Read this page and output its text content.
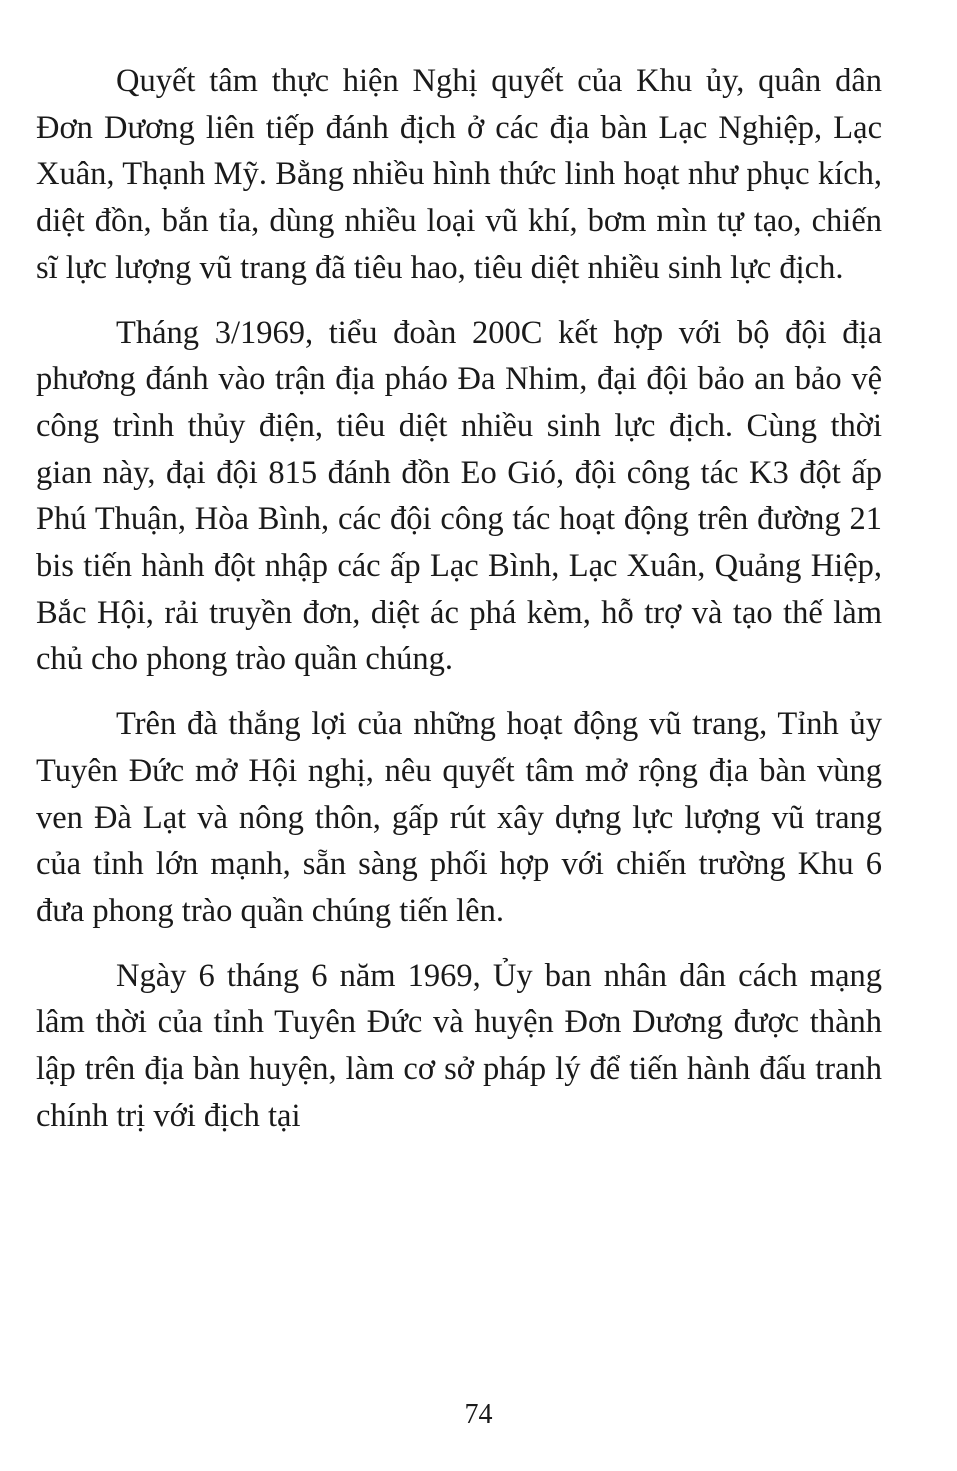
Quyết tâm thực hiện Nghị quyết của Khu ủy, quân dân Đơn Dương liên tiếp đánh địch ở các địa bàn Lạc Nghiệp, Lạc Xuân, Thạnh Mỹ. Bằng nhiều hình thức linh hoạt như phục kích, diệt đồn, bắn tỉa, dùng nhiều loại vũ khí, bơm mìn tự tạo, chiến sĩ lực lượng vũ trang đã tiêu hao, tiêu diệt nhiều sinh lực địch.

Tháng 3/1969, tiểu đoàn 200C kết hợp với bộ đội địa phương đánh vào trận địa pháo Đa Nhim, đại đội bảo an bảo vệ công trình thủy điện, tiêu diệt nhiều sinh lực địch. Cùng thời gian này, đại đội 815 đánh đồn Eo Gió, đội công tác K3 đột ấp Phú Thuận, Hòa Bình, các đội công tác hoạt động trên đường 21 bis tiến hành đột nhập các ấp Lạc Bình, Lạc Xuân, Quảng Hiệp, Bắc Hội, rải truyền đơn, diệt ác phá kèm, hỗ trợ và tạo thế làm chủ cho phong trào quần chúng.

Trên đà thắng lợi của những hoạt động vũ trang, Tỉnh ủy Tuyên Đức mở Hội nghị, nêu quyết tâm mở rộng địa bàn vùng ven Đà Lạt và nông thôn, gấp rút xây dựng lực lượng vũ trang của tỉnh lớn mạnh, sẵn sàng phối hợp với chiến trường Khu 6 đưa phong trào quần chúng tiến lên.

Ngày 6 tháng 6 năm 1969, Ủy ban nhân dân cách mạng lâm thời của tỉnh Tuyên Đức và huyện Đơn Dương được thành lập trên địa bàn huyện, làm cơ sở pháp lý để tiến hành đấu tranh chính trị với địch tại

74
